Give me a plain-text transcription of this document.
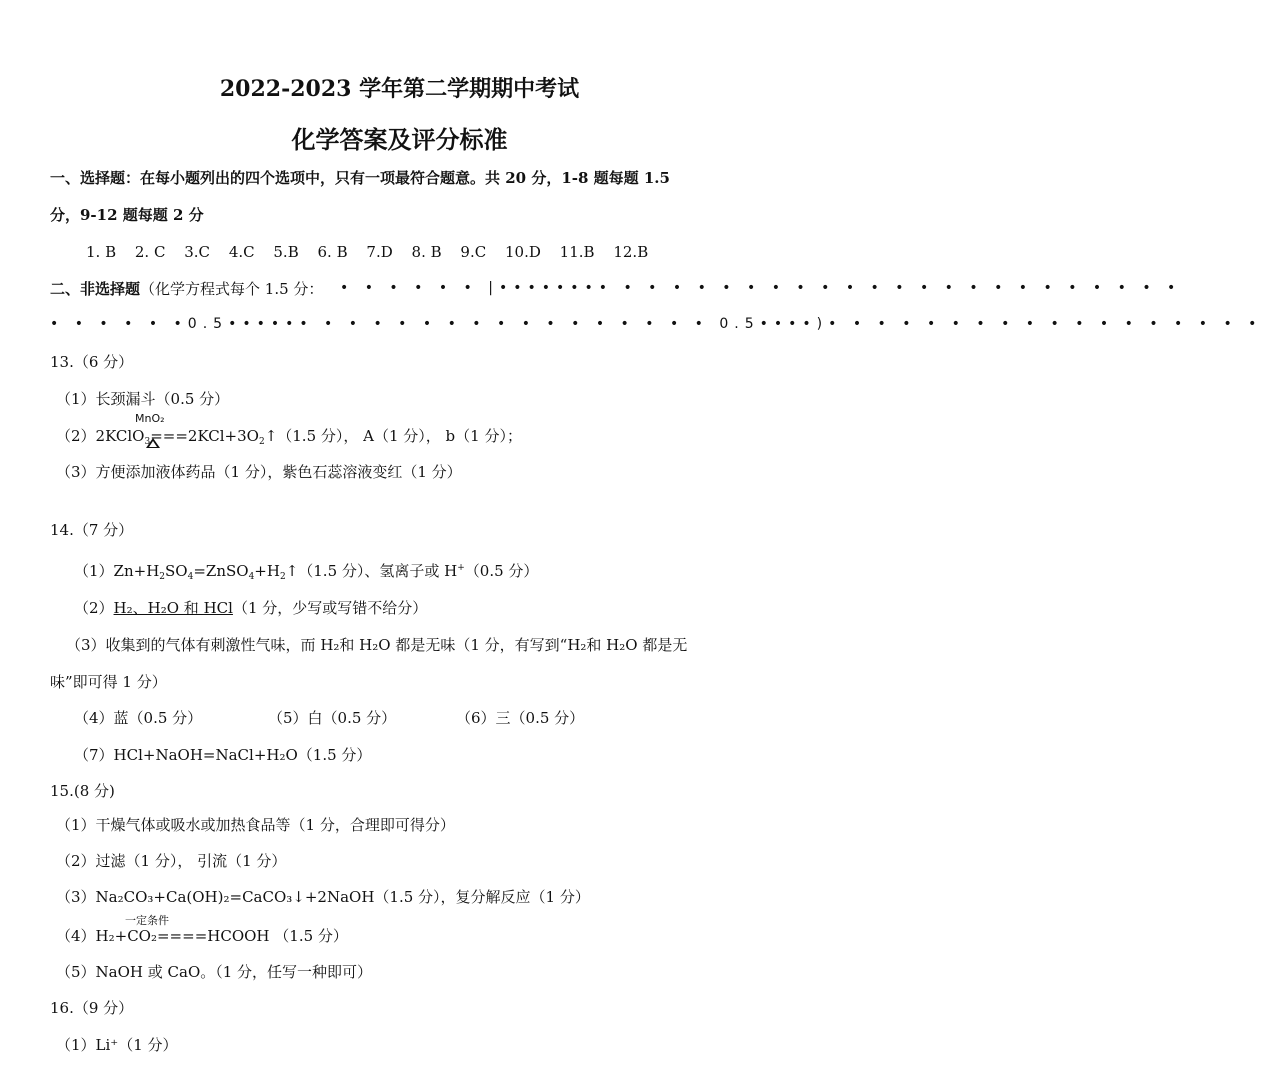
2022-2023 学年第二学期期中考试
化学答案及评分标准
一、选择题：在每小题列出的四个选项中，只有一项最符合题意。共 20 分，1-8 题每题 1.5
分，9-12 题每题 2 分
1. B 2. C 3.C 4.C 5.B 6. B 7.D 8. B 9.C 10.D 11.B 12.B
二、非选择题（化学方程式每个 1.5 分： • • • • • • |•••••••• • • • • • • • • • • • • • • • • • • • • • • •
• • • • • •0.5•••••• • • • • • • • • • • • • • • • • 0.5••••)• • • • • • • • • • • • • • • • • •
13.（6 分）
（1）长颈漏斗（0.5 分）
MnO₂
$(2)2KClO_3===2KCl+3O_2↑(1.5$ 分）， A（1 分）， b（1 分）；
（3）方便添加液体药品（1 分），紫色石蕊溶液变红（1 分）
14.（7 分）
$(1)Zn+H_2SO_4=ZnSO_4+H_2↑(1.5$ 分）、氢离子或 H+（0.5 分）
（2）H₂、H₂O 和 HCl（1 分，少写或写错不给分）
（3）收集到的气体有刺激性气味，而 H₂和 H₂O 都是无味（1 分，有写到“H₂和 H₂O 都是无
味”即可得 1 分）
（4）蓝（0.5 分）	（5）白（0.5 分）	（6）三（0.5 分）
（7）HCl+NaOH=NaCl+H₂O（1.5 分）
15.(8 分)
（1）干燥气体或吸水或加热食品等（1 分，合理即可得分）
（2）过滤（1 分）， 引流（1 分）
（3）Na₂CO₃+Ca(OH)₂=CaCO₃↓+2NaOH（1.5 分），复分解反应（1 分）
一定条件
（4）H₂+CO₂====HCOOH （1.5 分）
（5）NaOH 或 CaO。（1 分，任写一种即可）
16.（9 分）
（1）Li⁺（1 分）
